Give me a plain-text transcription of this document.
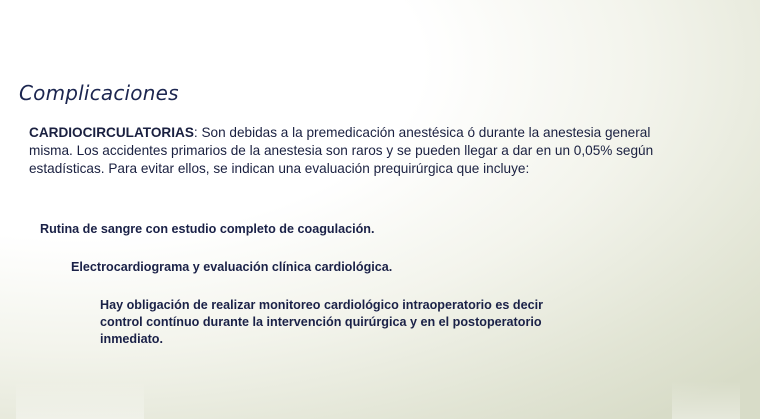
Complicaciones

CARDIOCIRCULATORIAS: Son debidas a la premedicación anestésica ó durante la anestesia general misma. Los accidentes primarios de la anestesia son raros y se pueden llegar a dar en un 0,05% según estadísticas. Para evitar ellos, se indican una evaluación prequirúrgica que incluye:

Rutina de sangre con estudio completo de coagulación.

Electrocardiograma y evaluación clínica cardiológica.

Hay obligación de realizar monitoreo cardiológico intraoperatorio es decir control contínuo durante la intervención quirúrgica y en el postoperatorio inmediato.
